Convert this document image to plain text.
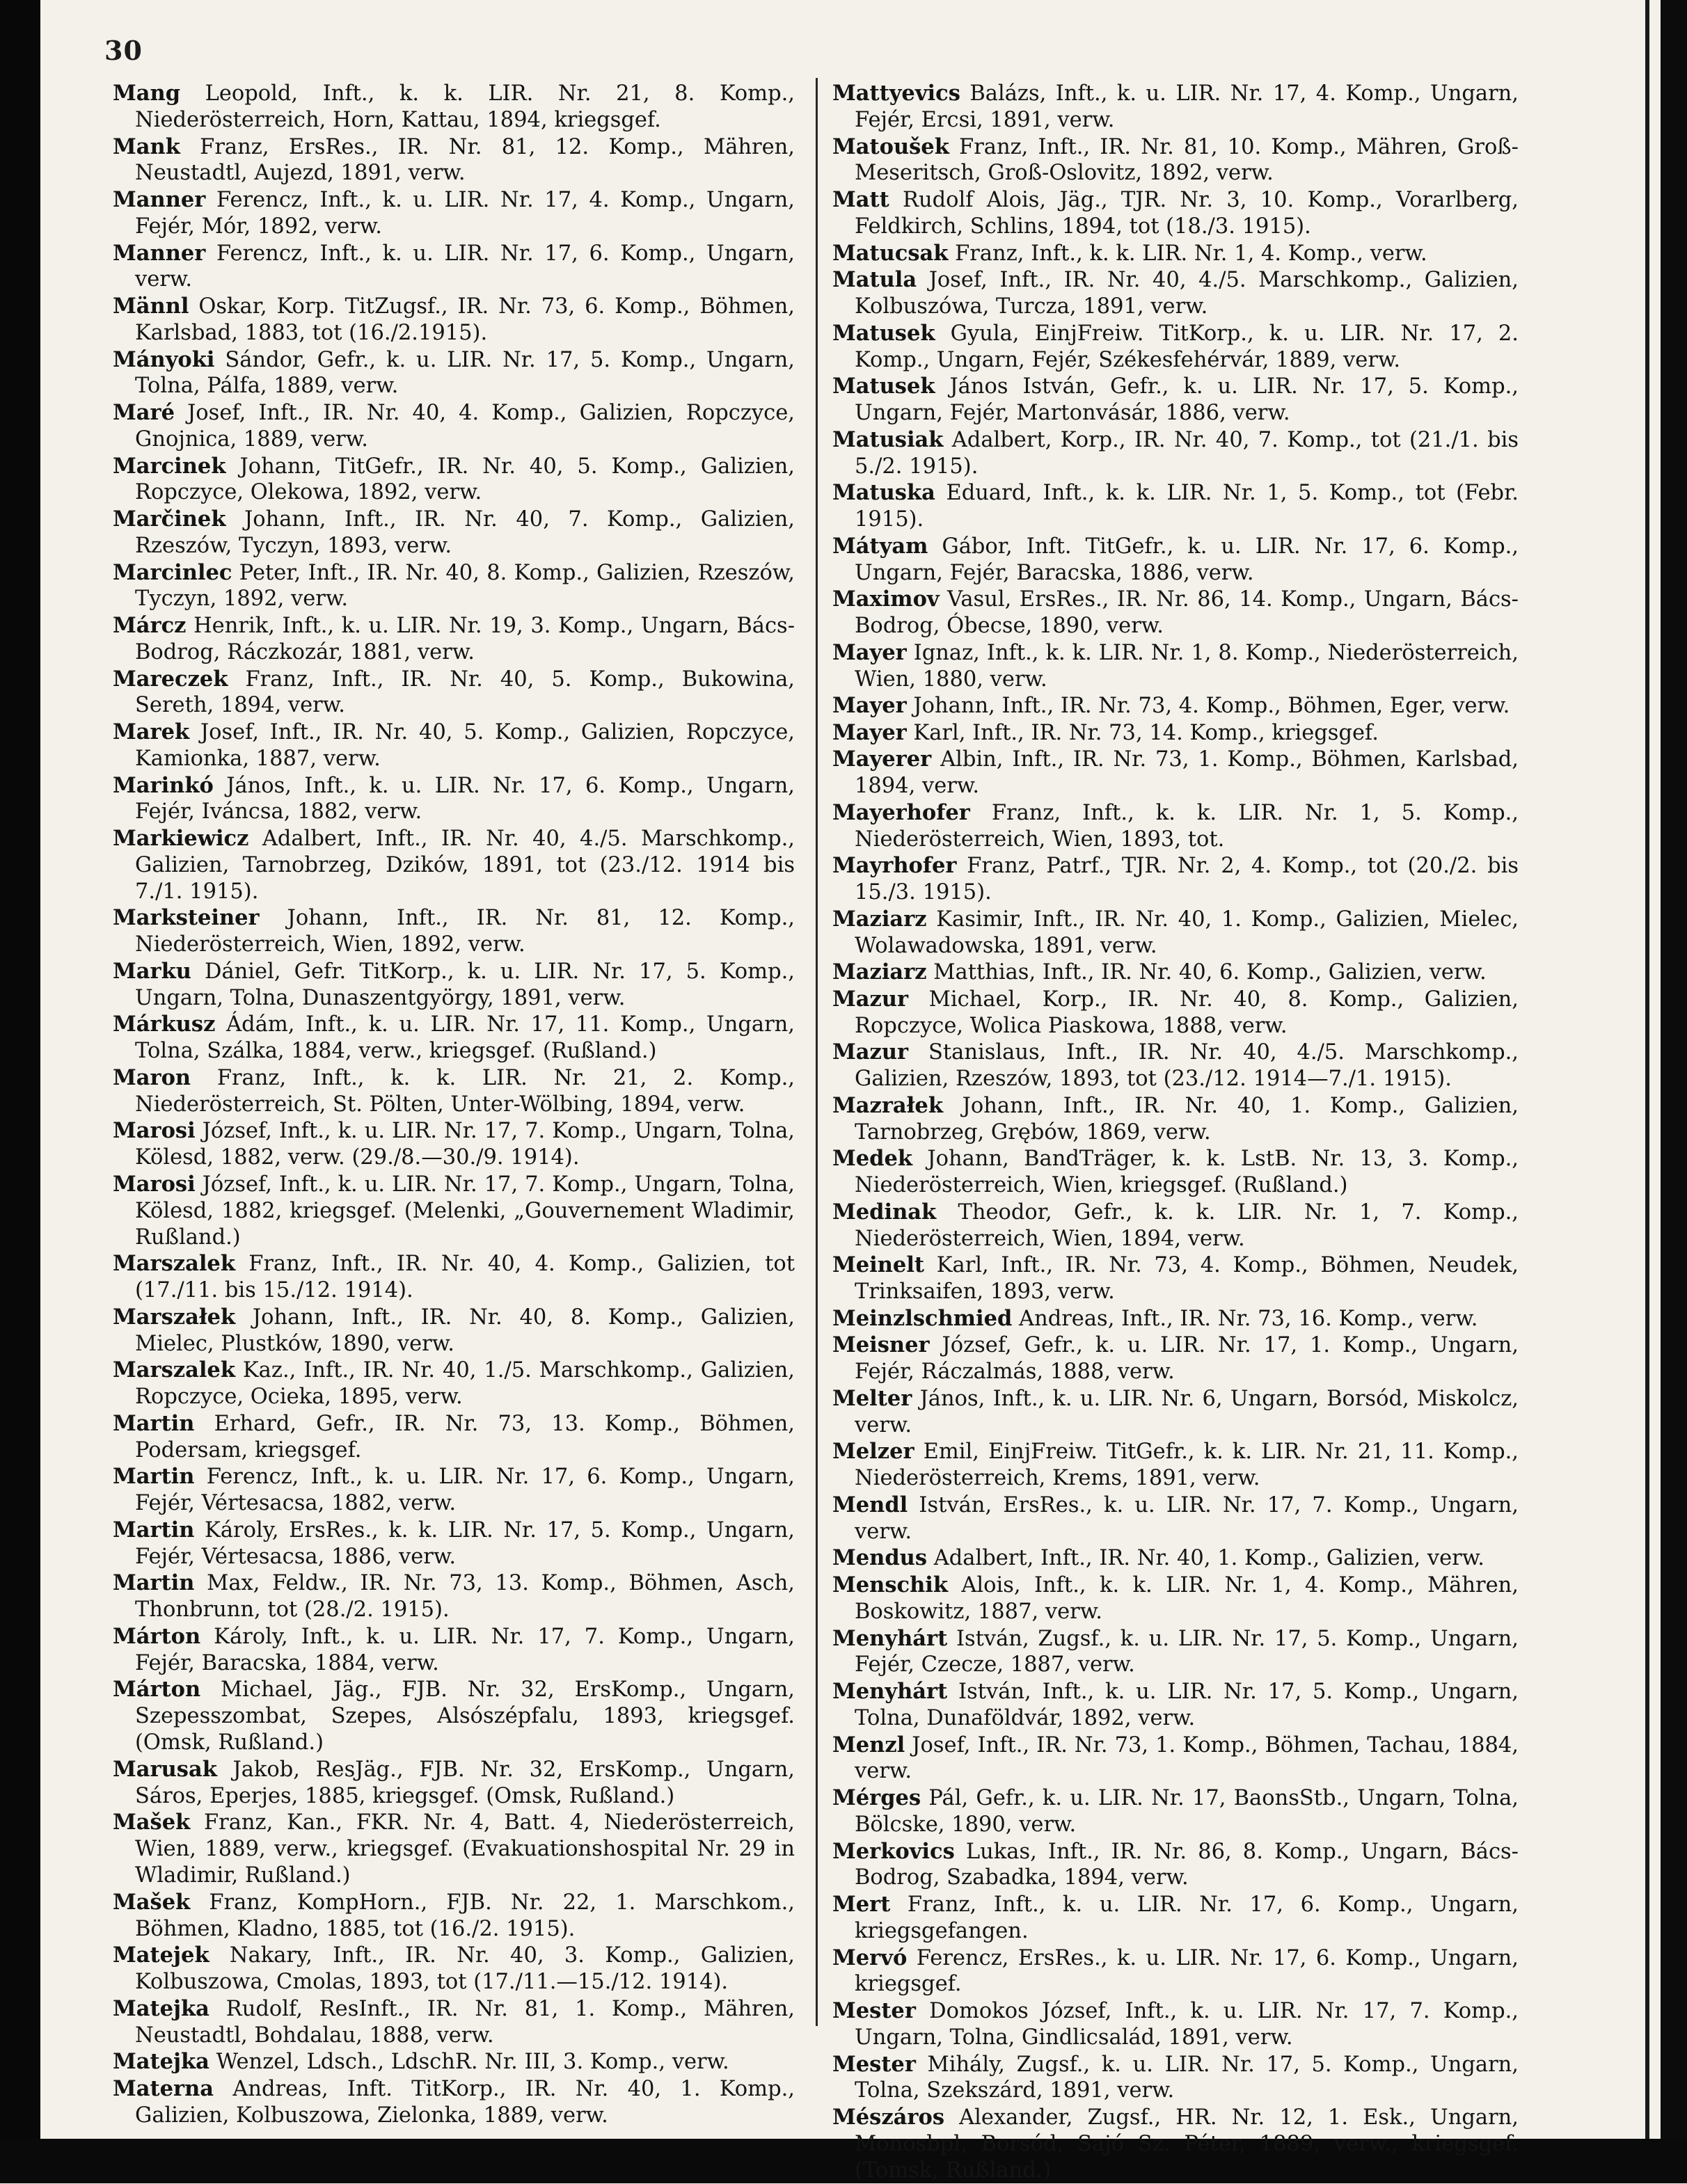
30

Mang Leopold, Inft., k. k. LIR. Nr. 21, 8. Komp., Niederösterreich, Horn, Kattau, 1894, kriegsgef.

Mank Franz, ErsRes., IR. Nr. 81, 12. Komp., Mähren, Neustadtl, Aujezd, 1891, verw.

Manner Ferencz, Inft., k. u. LIR. Nr. 17, 4. Komp., Ungarn, Fejér, Mór, 1892, verw.

Manner Ferencz, Inft., k. u. LIR. Nr. 17, 6. Komp., Ungarn, verw.

Männl Oskar, Korp. TitZugsf., IR. Nr. 73, 6. Komp., Böhmen, Karlsbad, 1883, tot (16./2.1915).

Mányoki Sándor, Gefr., k. u. LIR. Nr. 17, 5. Komp., Ungarn, Tolna, Pálfa, 1889, verw.

Maré Josef, Inft., IR. Nr. 40, 4. Komp., Galizien, Ropczyce, Gnojnica, 1889, verw.

Marcinek Johann, TitGefr., IR. Nr. 40, 5. Komp., Galizien, Ropczyce, Olekowa, 1892, verw.

Marčinek Johann, Inft., IR. Nr. 40, 7. Komp., Galizien, Rzeszów, Tyczyn, 1893, verw.

Marcinlec Peter, Inft., IR. Nr. 40, 8. Komp., Galizien, Rzeszów, Tyczyn, 1892, verw.

Márcz Henrik, Inft., k. u. LIR. Nr. 19, 3. Komp., Ungarn, Bács-Bodrog, Ráczkozár, 1881, verw.

Mareczek Franz, Inft., IR. Nr. 40, 5. Komp., Bukowina, Sereth, 1894, verw.

Marek Josef, Inft., IR. Nr. 40, 5. Komp., Galizien, Ropczyce, Kamionka, 1887, verw.

Marinkó János, Inft., k. u. LIR. Nr. 17, 6. Komp., Ungarn, Fejér, Iváncsa, 1882, verw.

Markiewicz Adalbert, Inft., IR. Nr. 40, 4./5. Marschkomp., Galizien, Tarnobrzeg, Dzików, 1891, tot (23./12. 1914 bis 7./1. 1915).

Marksteiner Johann, Inft., IR. Nr. 81, 12. Komp., Niederösterreich, Wien, 1892, verw.

Marku Dániel, Gefr. TitKorp., k. u. LIR. Nr. 17, 5. Komp., Ungarn, Tolna, Dunaszentgyörgy, 1891, verw.

Márkusz Ádám, Inft., k. u. LIR. Nr. 17, 11. Komp., Ungarn, Tolna, Szálka, 1884, verw., kriegsgef. (Rußland.)

Maron Franz, Inft., k. k. LIR. Nr. 21, 2. Komp., Niederösterreich, St. Pölten, Unter-Wölbing, 1894, verw.

Marosi József, Inft., k. u. LIR. Nr. 17, 7. Komp., Ungarn, Tolna, Kölesd, 1882, verw. (29./8.—30./9. 1914).

Marosi József, Inft., k. u. LIR. Nr. 17, 7. Komp., Ungarn, Tolna, Kölesd, 1882, kriegsgef. (Melenki, „Gouvernement Wladimir, Rußland.)

Marszalek Franz, Inft., IR. Nr. 40, 4. Komp., Galizien, tot (17./11. bis 15./12. 1914).

Marszałek Johann, Inft., IR. Nr. 40, 8. Komp., Galizien, Mielec, Plustków, 1890, verw.

Marszalek Kaz., Inft., IR. Nr. 40, 1./5. Marschkomp., Galizien, Ropczyce, Ocieka, 1895, verw.

Martin Erhard, Gefr., IR. Nr. 73, 13. Komp., Böhmen, Podersam, kriegsgef.

Martin Ferencz, Inft., k. u. LIR. Nr. 17, 6. Komp., Ungarn, Fejér, Vértesacsa, 1882, verw.

Martin Károly, ErsRes., k. k. LIR. Nr. 17, 5. Komp., Ungarn, Fejér, Vértesacsa, 1886, verw.

Martin Max, Feldw., IR. Nr. 73, 13. Komp., Böhmen, Asch, Thonbrunn, tot (28./2. 1915).

Márton Károly, Inft., k. u. LIR. Nr. 17, 7. Komp., Ungarn, Fejér, Baracska, 1884, verw.

Márton Michael, Jäg., FJB. Nr. 32, ErsKomp., Ungarn, Szepesszombat, Szepes, Alsószépfalu, 1893, kriegsgef. (Omsk, Rußland.)

Marusak Jakob, ResJäg., FJB. Nr. 32, ErsKomp., Ungarn, Sáros, Eperjes, 1885, kriegsgef. (Omsk, Rußland.)

Mašek Franz, Kan., FKR. Nr. 4, Batt. 4, Niederösterreich, Wien, 1889, verw., kriegsgef. (Evakuationshospital Nr. 29 in Wladimir, Rußland.)

Mašek Franz, KompHorn., FJB. Nr. 22, 1. Marschkom., Böhmen, Kladno, 1885, tot (16./2. 1915).

Matejek Nakary, Inft., IR. Nr. 40, 3. Komp., Galizien, Kolbuszowa, Cmolas, 1893, tot (17./11.—15./12. 1914).

Matejka Rudolf, ResInft., IR. Nr. 81, 1. Komp., Mähren, Neustadtl, Bohdalau, 1888, verw.

Matejka Wenzel, Ldsch., LdschR. Nr. III, 3. Komp., verw.

Materna Andreas, Inft. TitKorp., IR. Nr. 40, 1. Komp., Galizien, Kolbuszowa, Zielonka, 1889, verw.

Mattyevics Balázs, Inft., k. u. LIR. Nr. 17, 4. Komp., Ungarn, Fejér, Ercsi, 1891, verw.

Matoušek Franz, Inft., IR. Nr. 81, 10. Komp., Mähren, Groß-Meseritsch, Groß-Oslovitz, 1892, verw.

Matt Rudolf Alois, Jäg., TJR. Nr. 3, 10. Komp., Vorarlberg, Feldkirch, Schlins, 1894, tot (18./3. 1915).

Matucsak Franz, Inft., k. k. LIR. Nr. 1, 4. Komp., verw.

Matula Josef, Inft., IR. Nr. 40, 4./5. Marschkomp., Galizien, Kolbuszówa, Turcza, 1891, verw.

Matusek Gyula, EinjFreiw. TitKorp., k. u. LIR. Nr. 17, 2. Komp., Ungarn, Fejér, Székesfehérvár, 1889, verw.

Matusek János István, Gefr., k. u. LIR. Nr. 17, 5. Komp., Ungarn, Fejér, Martonvásár, 1886, verw.

Matusiak Adalbert, Korp., IR. Nr. 40, 7. Komp., tot (21./1. bis 5./2. 1915).

Matuska Eduard, Inft., k. k. LIR. Nr. 1, 5. Komp., tot (Febr. 1915).

Mátyam Gábor, Inft. TitGefr., k. u. LIR. Nr. 17, 6. Komp., Ungarn, Fejér, Baracska, 1886, verw.

Maximov Vasul, ErsRes., IR. Nr. 86, 14. Komp., Ungarn, Bács-Bodrog, Óbecse, 1890, verw.

Mayer Ignaz, Inft., k. k. LIR. Nr. 1, 8. Komp., Niederösterreich, Wien, 1880, verw.

Mayer Johann, Inft., IR. Nr. 73, 4. Komp., Böhmen, Eger, verw.

Mayer Karl, Inft., IR. Nr. 73, 14. Komp., kriegsgef.

Mayerer Albin, Inft., IR. Nr. 73, 1. Komp., Böhmen, Karlsbad, 1894, verw.

Mayerhofer Franz, Inft., k. k. LIR. Nr. 1, 5. Komp., Niederösterreich, Wien, 1893, tot.

Mayrhofer Franz, Patrf., TJR. Nr. 2, 4. Komp., tot (20./2. bis 15./3. 1915).

Maziarz Kasimir, Inft., IR. Nr. 40, 1. Komp., Galizien, Mielec, Wolawadowska, 1891, verw.

Maziarz Matthias, Inft., IR. Nr. 40, 6. Komp., Galizien, verw.

Mazur Michael, Korp., IR. Nr. 40, 8. Komp., Galizien, Ropczyce, Wolica Piaskowa, 1888, verw.

Mazur Stanislaus, Inft., IR. Nr. 40, 4./5. Marschkomp., Galizien, Rzeszów, 1893, tot (23./12. 1914—7./1. 1915).

Mazrałek Johann, Inft., IR. Nr. 40, 1. Komp., Galizien, Tarnobrzeg, Grębów, 1869, verw.

Medek Johann, BandTräger, k. k. LstB. Nr. 13, 3. Komp., Niederösterreich, Wien, kriegsgef. (Rußland.)

Medinak Theodor, Gefr., k. k. LIR. Nr. 1, 7. Komp., Niederösterreich, Wien, 1894, verw.

Meinelt Karl, Inft., IR. Nr. 73, 4. Komp., Böhmen, Neudek, Trinksaifen, 1893, verw.

Meinzlschmied Andreas, Inft., IR. Nr. 73, 16. Komp., verw.

Meisner József, Gefr., k. u. LIR. Nr. 17, 1. Komp., Ungarn, Fejér, Ráczalmás, 1888, verw.

Melter János, Inft., k. u. LIR. Nr. 6, Ungarn, Borsód, Miskolcz, verw.

Melzer Emil, EinjFreiw. TitGefr., k. k. LIR. Nr. 21, 11. Komp., Niederösterreich, Krems, 1891, verw.

Mendl István, ErsRes., k. u. LIR. Nr. 17, 7. Komp., Ungarn, verw.

Mendus Adalbert, Inft., IR. Nr. 40, 1. Komp., Galizien, verw.

Menschik Alois, Inft., k. k. LIR. Nr. 1, 4. Komp., Mähren, Boskowitz, 1887, verw.

Menyhárt István, Zugsf., k. u. LIR. Nr. 17, 5. Komp., Ungarn, Fejér, Czecze, 1887, verw.

Menyhárt István, Inft., k. u. LIR. Nr. 17, 5. Komp., Ungarn, Tolna, Dunaföldvár, 1892, verw.

Menzl Josef, Inft., IR. Nr. 73, 1. Komp., Böhmen, Tachau, 1884, verw.

Mérges Pál, Gefr., k. u. LIR. Nr. 17, BaonsStb., Ungarn, Tolna, Bölcske, 1890, verw.

Merkovics Lukas, Inft., IR. Nr. 86, 8. Komp., Ungarn, Bács-Bodrog, Szabadka, 1894, verw.

Mert Franz, Inft., k. u. LIR. Nr. 17, 6. Komp., Ungarn, kriegsgefangen.

Mervó Ferencz, ErsRes., k. u. LIR. Nr. 17, 6. Komp., Ungarn, kriegsgef.

Mester Domokos József, Inft., k. u. LIR. Nr. 17, 7. Komp., Ungarn, Tolna, Gindlicsalád, 1891, verw.

Mester Mihály, Zugsf., k. u. LIR. Nr. 17, 5. Komp., Ungarn, Tolna, Szekszárd, 1891, verw.

Mészáros Alexander, Zugsf., HR. Nr. 12, 1. Esk., Ungarn, Monosbpl, Borsód, Sajó Sz. Péter, 1889, verw., kriegsgef. (Tomsk, Rußland.)
